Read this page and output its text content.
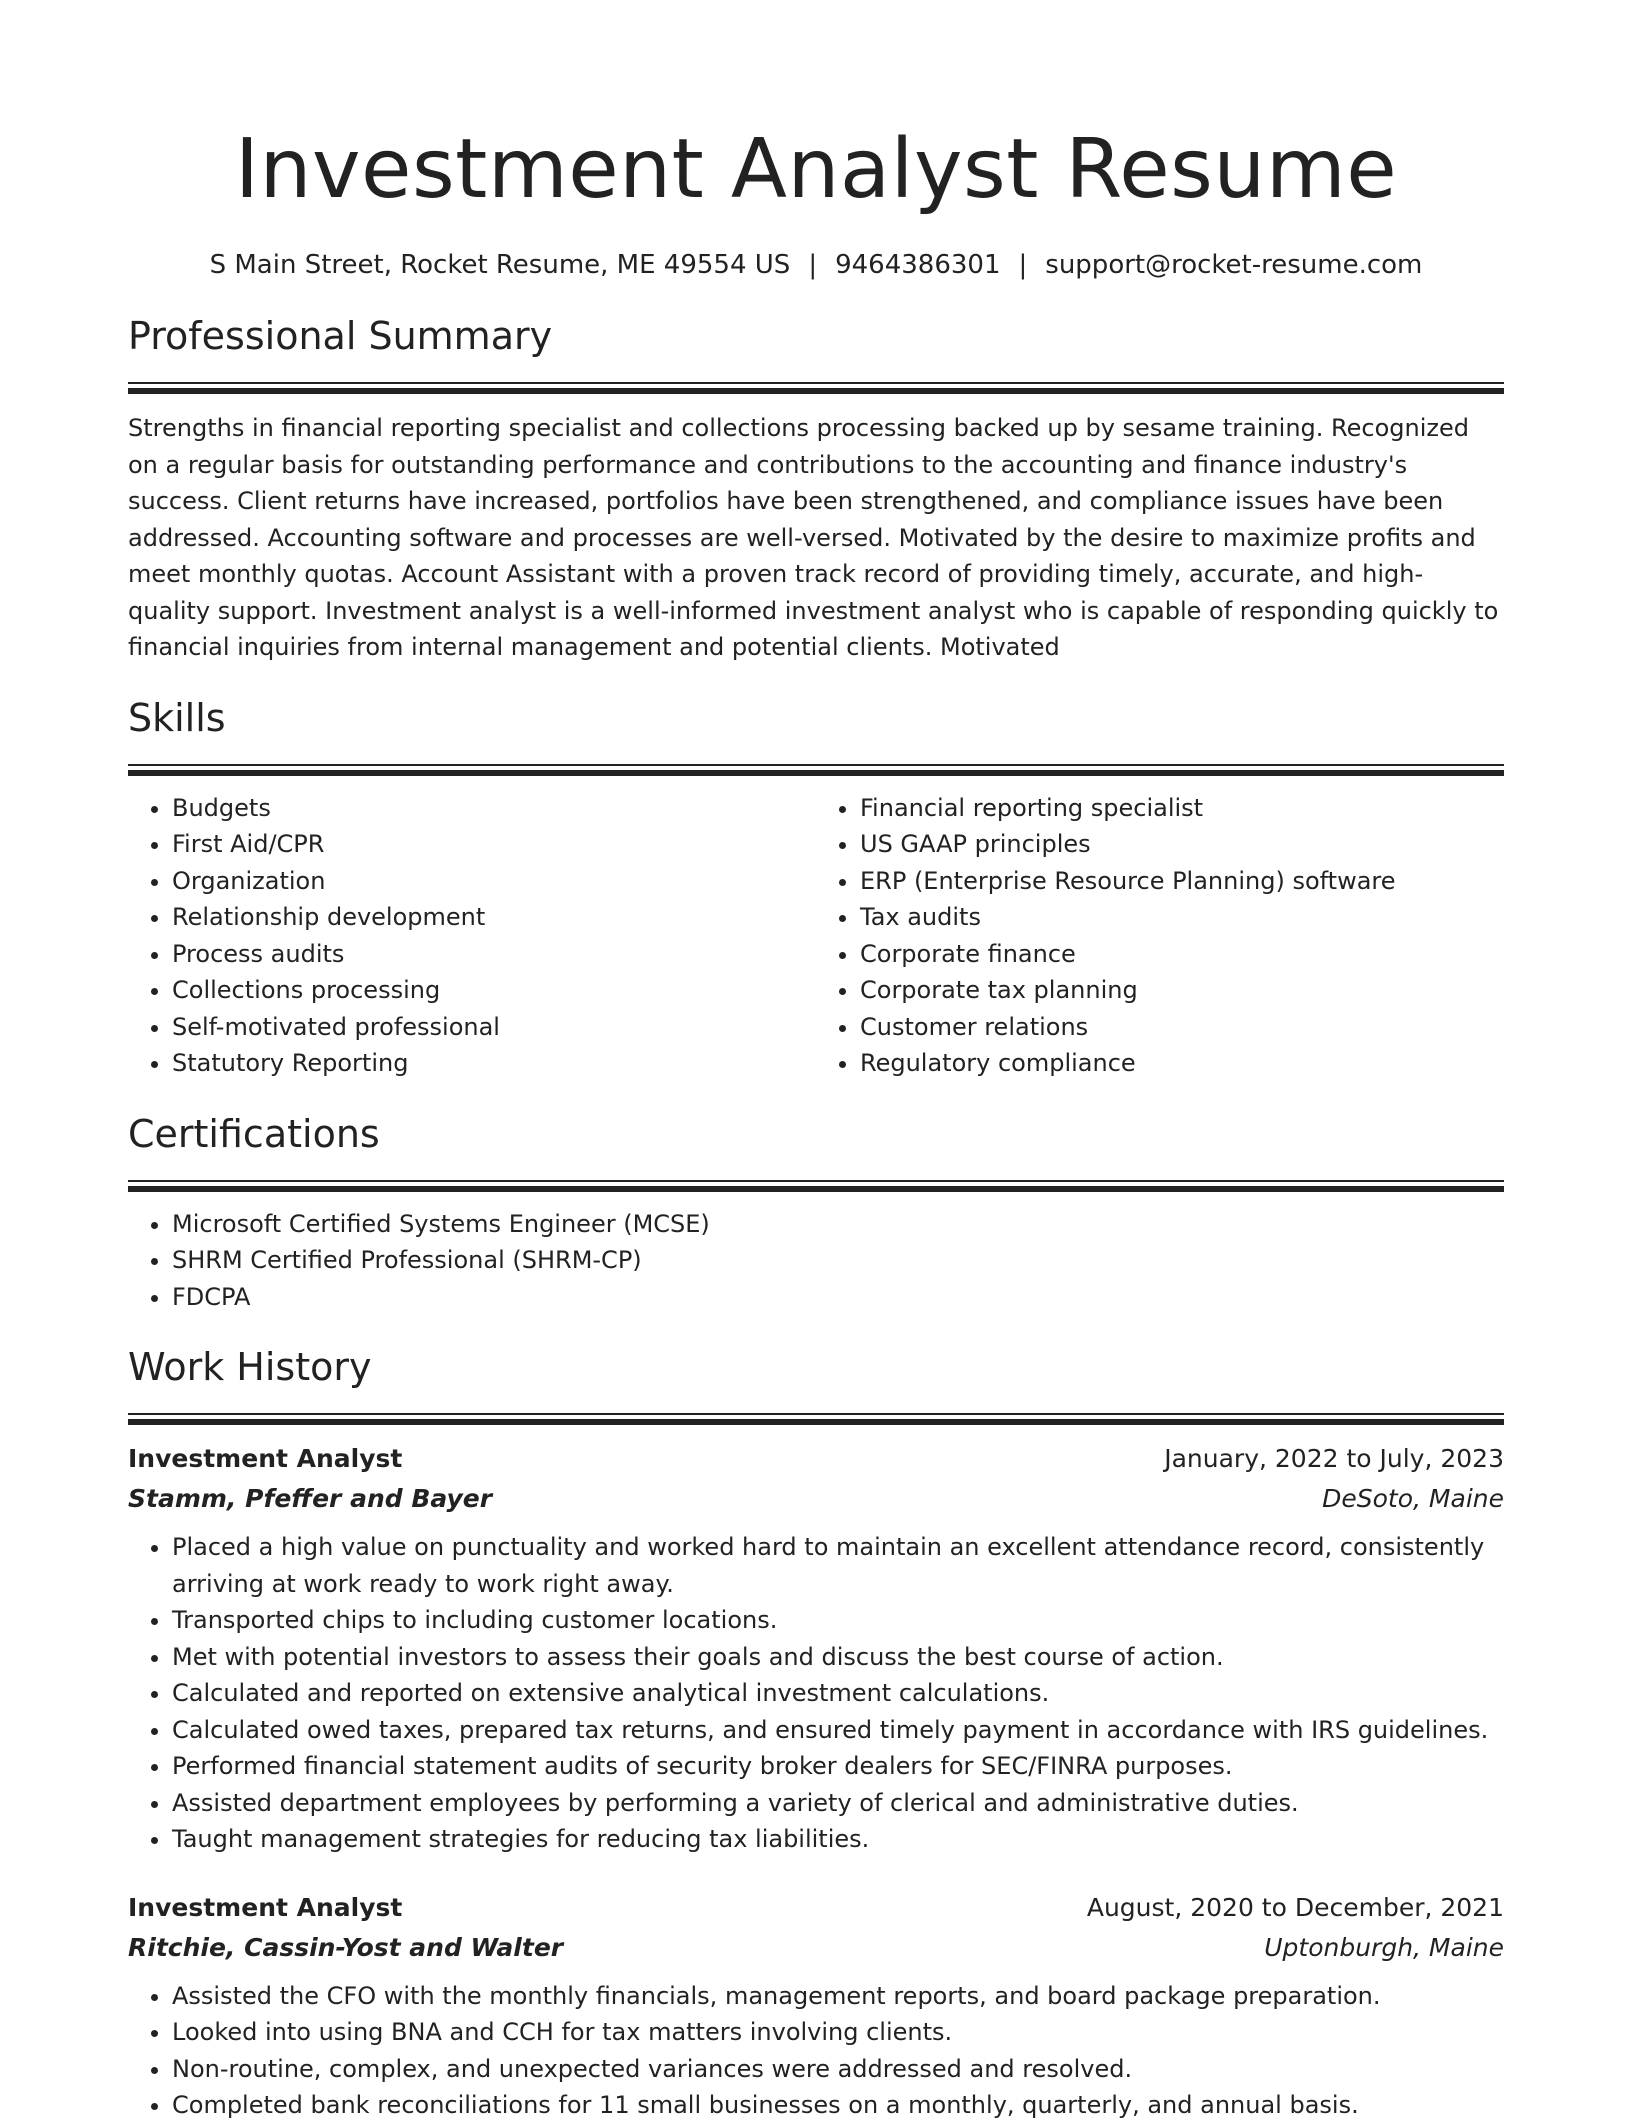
Investment Analyst Resume
S Main Street, Rocket Resume, ME 49554 US | 9464386301 | support@rocket-resume.com
Professional Summary
Strengths in financial reporting specialist and collections processing backed up by sesame training. Recognized on a regular basis for outstanding performance and contributions to the accounting and finance industry's success. Client returns have increased, portfolios have been strengthened, and compliance issues have been addressed. Accounting software and processes are well-versed. Motivated by the desire to maximize profits and meet monthly quotas. Account Assistant with a proven track record of providing timely, accurate, and high-quality support. Investment analyst is a well-informed investment analyst who is capable of responding quickly to financial inquiries from internal management and potential clients. Motivated
Skills
• Budgets
• First Aid/CPR
• Organization
• Relationship development
• Process audits
• Collections processing
• Self-motivated professional
• Statutory Reporting
• Financial reporting specialist
• US GAAP principles
• ERP (Enterprise Resource Planning) software
• Tax audits
• Corporate finance
• Corporate tax planning
• Customer relations
• Regulatory compliance
Certifications
• Microsoft Certified Systems Engineer (MCSE)
• SHRM Certified Professional (SHRM-CP)
• FDCPA
Work History
Investment Analyst	January, 2022 to July, 2023
Stamm, Pfeffer and Bayer	DeSoto, Maine
• Placed a high value on punctuality and worked hard to maintain an excellent attendance record, consistently arriving at work ready to work right away.
• Transported chips to including customer locations.
• Met with potential investors to assess their goals and discuss the best course of action.
• Calculated and reported on extensive analytical investment calculations.
• Calculated owed taxes, prepared tax returns, and ensured timely payment in accordance with IRS guidelines.
• Performed financial statement audits of security broker dealers for SEC/FINRA purposes.
• Assisted department employees by performing a variety of clerical and administrative duties.
• Taught management strategies for reducing tax liabilities.
Investment Analyst	August, 2020 to December, 2021
Ritchie, Cassin-Yost and Walter	Uptonburgh, Maine
• Assisted the CFO with the monthly financials, management reports, and board package preparation.
• Looked into using BNA and CCH for tax matters involving clients.
• Non-routine, complex, and unexpected variances were addressed and resolved.
• Completed bank reconciliations for 11 small businesses on a monthly, quarterly, and annual basis.
